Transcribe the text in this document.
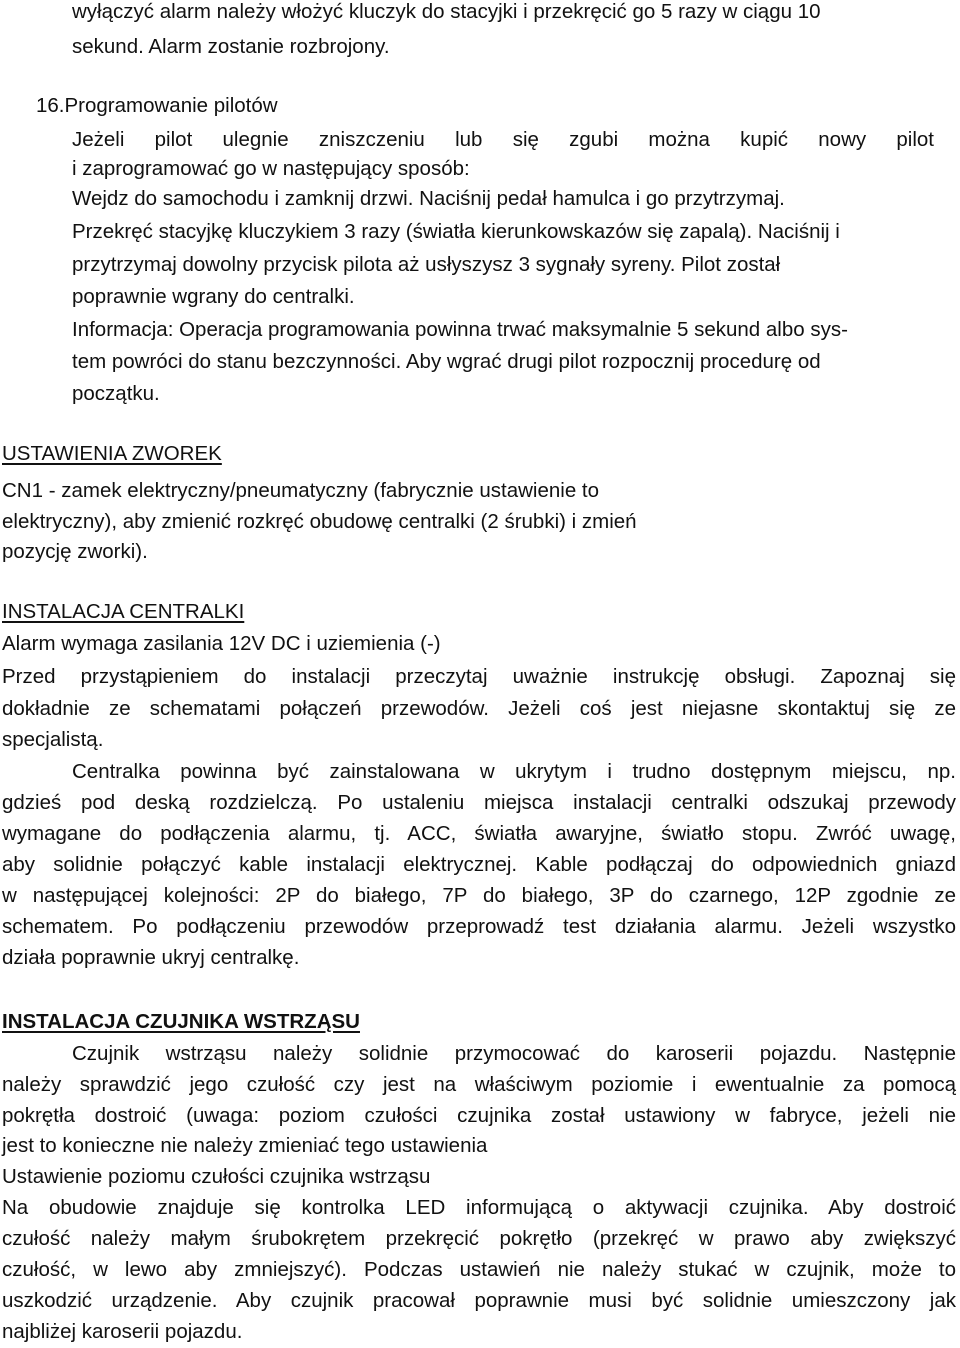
wyłączyć alarm należy włożyć kluczyk do stacyjki i przekręcić go 5 razy w ciągu 10
sekund. Alarm zostanie rozbrojony.
16.Programowanie pilotów
Jeżeli pilot ulegnie zniszczeniu lub się zgubi można kupić nowy pilot
i zaprogramować go w następujący sposób:
Wejdz do samochodu i zamknij drzwi. Naciśnij pedał hamulca i go przytrzymaj.
Przekręć stacyjkę kluczykiem 3 razy (światła kierunkowskazów się zapalą). Naciśnij i
przytrzymaj dowolny przycisk pilota aż usłyszysz 3 sygnały syreny. Pilot został
poprawnie wgrany do centralki.
Informacja: Operacja programowania powinna trwać maksymalnie 5 sekund albo sys-
tem powróci do stanu bezczynności. Aby wgrać drugi pilot rozpocznij procedurę od
początku.
USTAWIENIA ZWOREK
CN1 - zamek elektryczny/pneumatyczny (fabrycznie ustawienie to
elektryczny), aby zmienić rozkręć obudowę centralki (2 śrubki) i zmień
pozycję zworki).
INSTALACJA CENTRALKI
Alarm wymaga zasilania 12V DC i uziemienia (-)
Przed przystąpieniem do instalacji przeczytaj uważnie instrukcję obsługi. Zapoznaj się
dokładnie ze schematami połączeń przewodów. Jeżeli coś jest niejasne skontaktuj się ze
specjalistą.
Centralka powinna być zainstalowana w ukrytym i trudno dostępnym miejscu, np.
gdzieś pod deską rozdzielczą. Po ustaleniu miejsca instalacji centralki odszukaj przewody
wymagane do podłączenia alarmu, tj. ACC, światła awaryjne, światło stopu. Zwróć uwagę,
aby solidnie połączyć kable instalacji elektrycznej. Kable podłączaj do odpowiednich gniazd
w następującej kolejności: 2P do białego, 7P do białego, 3P do czarnego, 12P zgodnie ze
schematem. Po podłączeniu przewodów przeprowadź test działania alarmu. Jeżeli wszystko
działa poprawnie ukryj centralkę.
INSTALACJA CZUJNIKA WSTRZĄSU
Czujnik wstrząsu należy solidnie przymocować do karoserii pojazdu. Następnie
należy sprawdzić jego czułość czy jest na właściwym poziomie i ewentualnie za pomocą
pokrętła dostroić (uwaga: poziom czułości czujnika został ustawiony w fabryce, jeżeli nie
jest to konieczne nie należy zmieniać tego ustawienia
Ustawienie poziomu czułości czujnika wstrząsu
Na obudowie znajduje się kontrolka LED informującą o aktywacji czujnika. Aby dostroić
czułość należy małym śrubokrętem przekręcić pokrętło (przekręć w prawo aby zwiększyć
czułość, w lewo aby zmniejszyć). Podczas ustawień nie należy stukać w czujnik, może to
uszkodzić urządzenie. Aby czujnik pracował poprawnie musi być solidnie umieszczony jak
najbliżej karoserii pojazdu.
